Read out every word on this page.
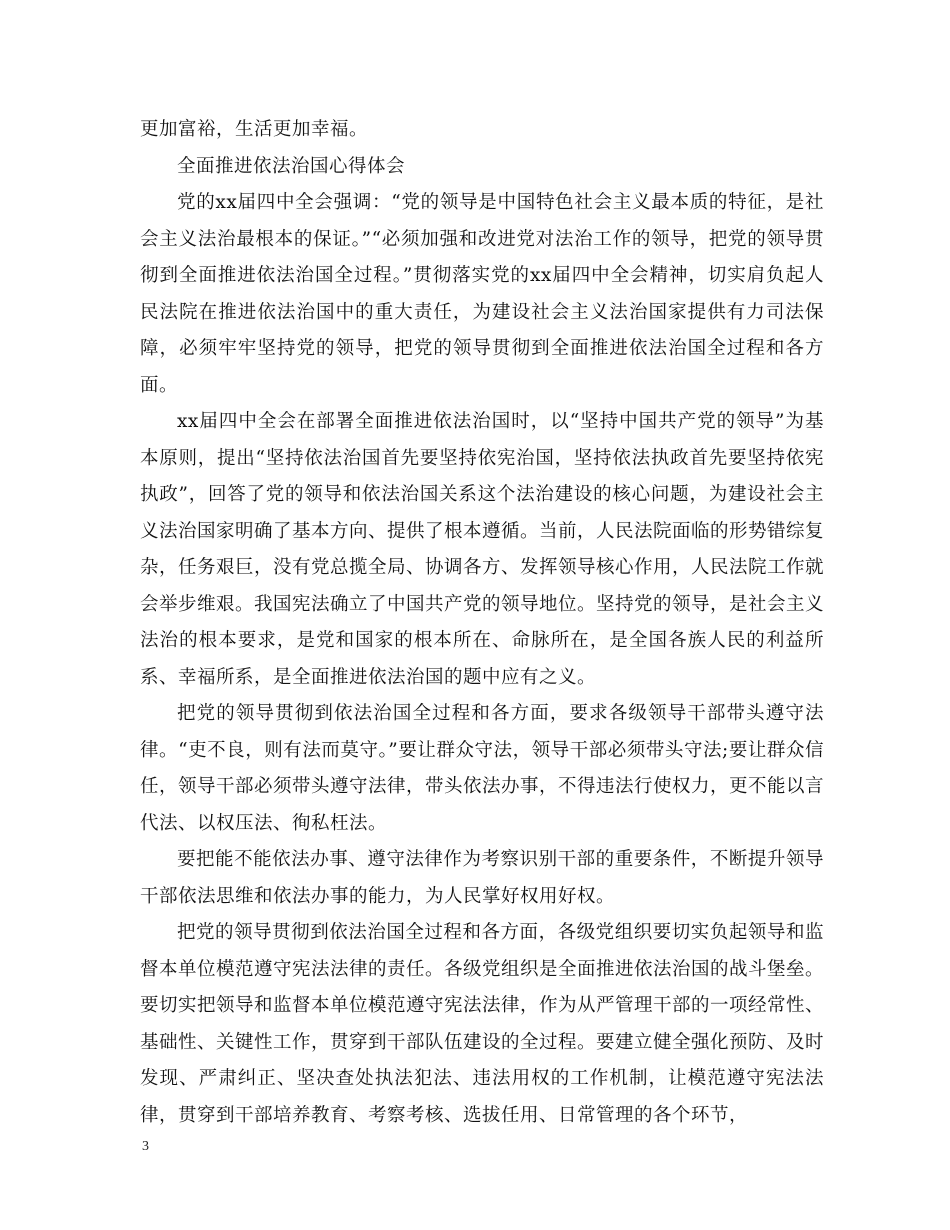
更加富裕，生活更加幸福。

全面推进依法治国心得体会

党的xx届四中全会强调：“党的领导是中国特色社会主义最本质的特征，是社会主义法治最根本的保证。”“必须加强和改进党对法治工作的领导，把党的领导贯彻到全面推进依法治国全过程。”贯彻落实党的xx届四中全会精神，切实肩负起人民法院在推进依法治国中的重大责任，为建设社会主义法治国家提供有力司法保障，必须牢牢坚持党的领导，把党的领导贯彻到全面推进依法治国全过程和各方面。

xx届四中全会在部署全面推进依法治国时，以“坚持中国共产党的领导”为基本原则，提出“坚持依法治国首先要坚持依宪治国，坚持依法执政首先要坚持依宪执政”，回答了党的领导和依法治国关系这个法治建设的核心问题，为建设社会主义法治国家明确了基本方向、提供了根本遵循。当前，人民法院面临的形势错综复杂，任务艰巨，没有党总揽全局、协调各方、发挥领导核心作用，人民法院工作就会举步维艰。我国宪法确立了中国共产党的领导地位。坚持党的领导，是社会主义法治的根本要求，是党和国家的根本所在、命脉所在，是全国各族人民的利益所系、幸福所系，是全面推进依法治国的题中应有之义。

把党的领导贯彻到依法治国全过程和各方面，要求各级领导干部带头遵守法律。“吏不良，则有法而莫守。”要让群众守法，领导干部必须带头守法;要让群众信任，领导干部必须带头遵守法律，带头依法办事，不得违法行使权力，更不能以言代法、以权压法、徇私枉法。

要把能不能依法办事、遵守法律作为考察识别干部的重要条件，不断提升领导干部依法思维和依法办事的能力，为人民掌好权用好权。

把党的领导贯彻到依法治国全过程和各方面，各级党组织要切实负起领导和监督本单位模范遵守宪法法律的责任。各级党组织是全面推进依法治国的战斗堡垒。要切实把领导和监督本单位模范遵守宪法法律，作为从严管理干部的一项经常性、基础性、关键性工作，贯穿到干部队伍建设的全过程。要建立健全强化预防、及时发现、严肃纠正、坚决查处执法犯法、违法用权的工作机制，让模范遵守宪法法律，贯穿到干部培养教育、考察考核、选拔任用、日常管理的各个环节，

3
